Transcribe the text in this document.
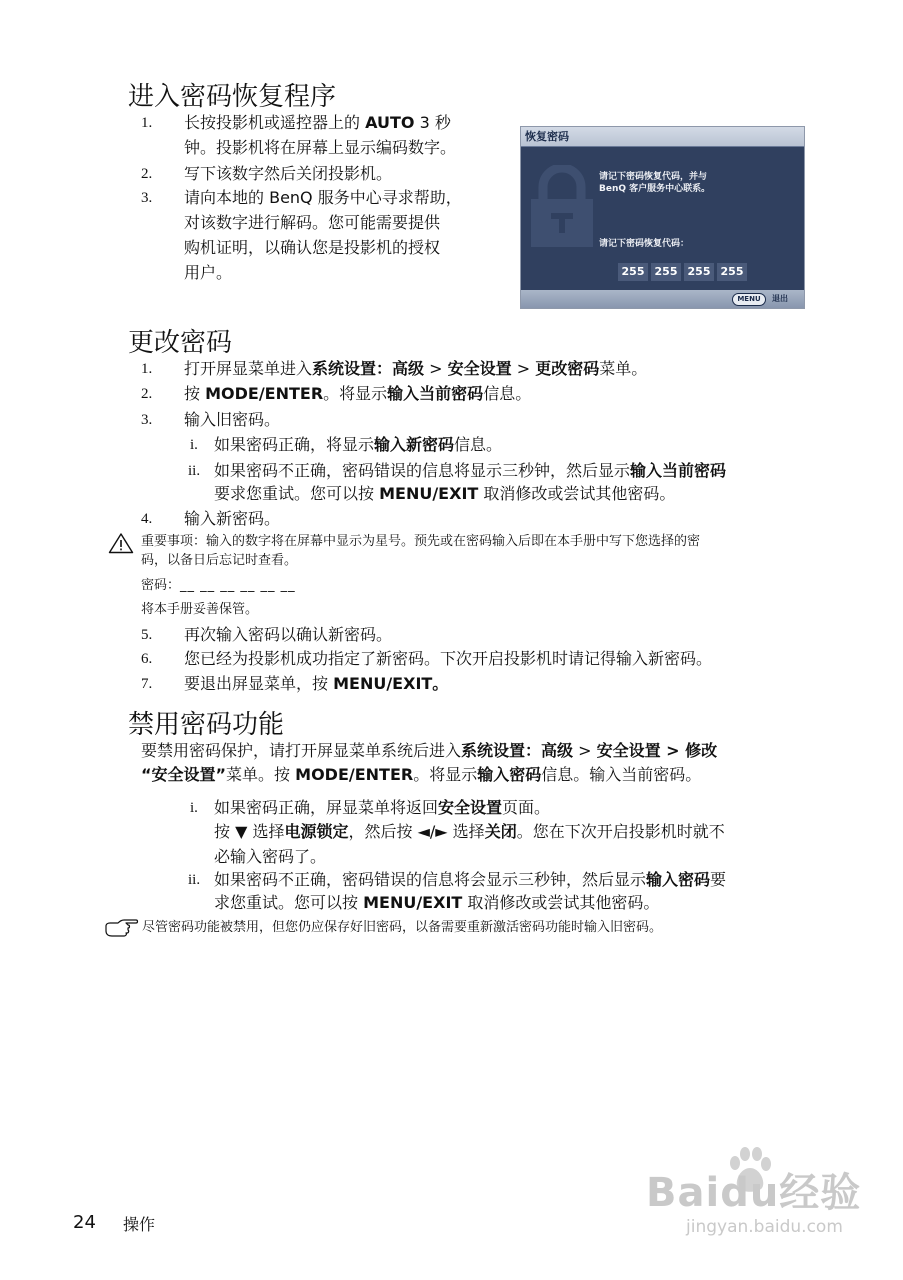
进入密码恢复程序
1. 长按投影机或遥控器上的 AUTO 3 秒
钟。投影机将在屏幕上显示编码数字。
2. 写下该数字然后关闭投影机。
3. 请向本地的 BenQ 服务中心寻求帮助，
对该数字进行解码。您可能需要提供
购机证明，以确认您是投影机的授权
用户。
恢复密码
请记下密码恢复代码，并与
BenQ 客户服务中心联系。
请记下密码恢复代码：
255 255 255 255
MENU	退出
更改密码
1. 打开屏显菜单进入系统设置：高级 > 安全设置 > 更改密码菜单。
2. 按 MODE/ENTER。将显示输入当前密码信息。
3. 输入旧密码。
i. 如果密码正确，将显示输入新密码信息。
ii. 如果密码不正确，密码错误的信息将显示三秒钟，然后显示输入当前密码
要求您重试。您可以按 MENU/EXIT 取消修改或尝试其他密码。
4. 输入新密码。
重要事项：输入的数字将在屏幕中显示为星号。预先或在密码输入后即在本手册中写下您选择的密
码，以备日后忘记时查看。
密码：__ __ __ __ __ __
将本手册妥善保管。
5. 再次输入密码以确认新密码。
6. 您已经为投影机成功指定了新密码。下次开启投影机时请记得输入新密码。
7. 要退出屏显菜单，按 MENU/EXIT。
禁用密码功能
要禁用密码保护，请打开屏显菜单系统后进入系统设置：高级 > 安全设置 > 修改
“安全设置”菜单。按 MODE/ENTER。将显示输入密码信息。输入当前密码。
i. 如果密码正确，屏显菜单将返回安全设置页面。
按 ▼ 选择电源锁定，然后按 ◄/► 选择关闭。您在下次开启投影机时就不
必输入密码了。
ii. 如果密码不正确，密码错误的信息将会显示三秒钟，然后显示输入密码要
求您重试。您可以按 MENU/EXIT 取消修改或尝试其他密码。
尽管密码功能被禁用，但您仍应保存好旧密码，以备需要重新激活密码功能时输入旧密码。
24 操作
Baidu经验
jingyan.baidu.com
